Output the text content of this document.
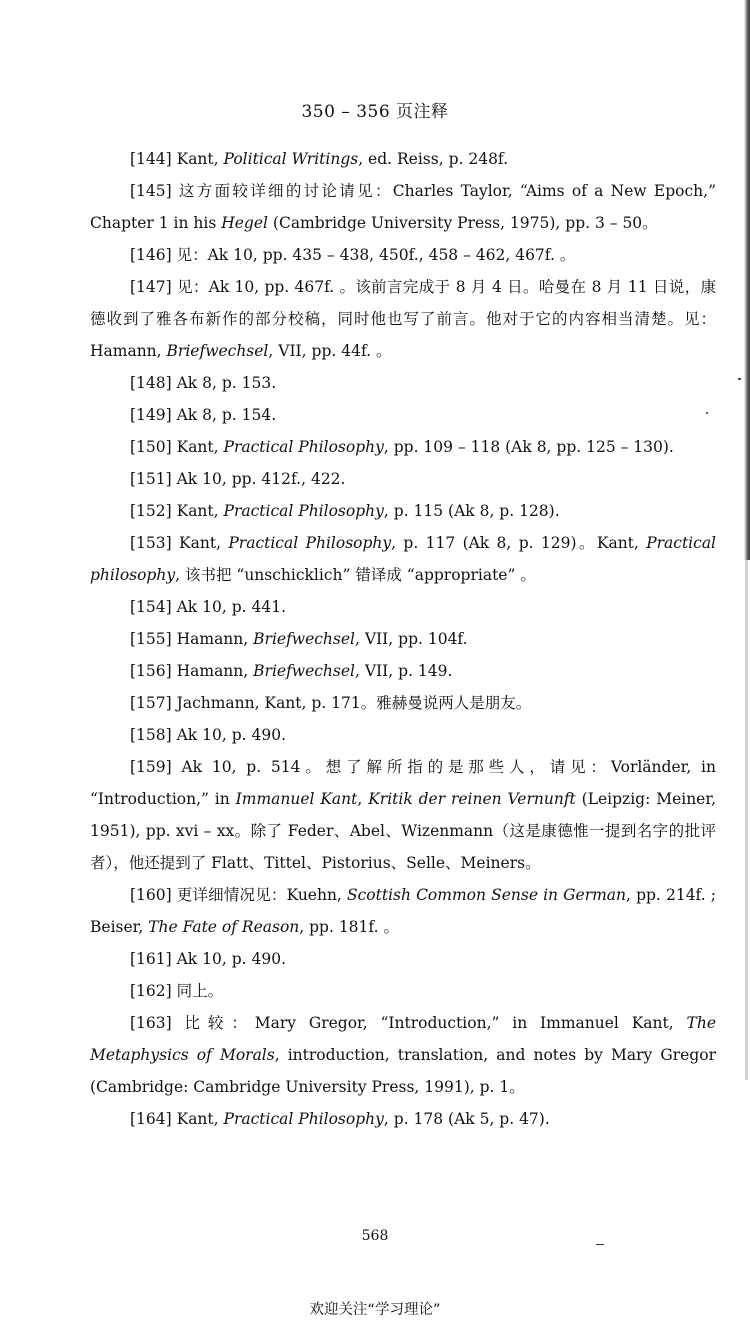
350 – 356 页注释

[144] Kant, Political Writings, ed. Reiss, p. 248f.

[145] 这方面较详细的讨论请见：Charles Taylor, “Aims of a New Epoch,” Chapter 1 in his Hegel (Cambridge University Press, 1975), pp. 3 – 50。

[146] 见：Ak 10, pp. 435 – 438, 450f., 458 – 462, 467f. 。

[147] 见：Ak 10, pp. 467f. 。该前言完成于 8 月 4 日。哈曼在 8 月 11 日说，康德收到了雅各布新作的部分校稿，同时他也写了前言。他对于它的内容相当清楚。见：Hamann, Briefwechsel, VII, pp. 44f. 。

[148] Ak 8, p. 153.

[149] Ak 8, p. 154.

[150] Kant, Practical Philosophy, pp. 109 – 118 (Ak 8, pp. 125 – 130).

[151] Ak 10, pp. 412f., 422.

[152] Kant, Practical Philosophy, p. 115 (Ak 8, p. 128).

[153] Kant, Practical Philosophy, p. 117 (Ak 8, p. 129)。Kant, Practical philosophy, 该书把 “unschicklich” 错译成 “appropriate” 。

[154] Ak 10, p. 441.

[155] Hamann, Briefwechsel, VII, pp. 104f.

[156] Hamann, Briefwechsel, VII, p. 149.

[157] Jachmann, Kant, p. 171。雅赫曼说两人是朋友。

[158] Ak 10, p. 490.

[159] Ak 10, p. 514。想了解所指的是那些人，请见：Vorländer, in “Introduction,” in Immanuel Kant, Kritik der reinen Vernunft (Leipzig: Meiner, 1951), pp. xvi – xx。除了 Feder、Abel、Wizenmann（这是康德惟一提到名字的批评者），他还提到了 Flatt、Tittel、Pistorius、Selle、Meiners。

[160] 更详细情况见：Kuehn, Scottish Common Sense in German, pp. 214f. ; Beiser, The Fate of Reason, pp. 181f. 。

[161] Ak 10, p. 490.

[162] 同上。

[163] 比较：Mary Gregor, “Introduction,” in Immanuel Kant, The Metaphysics of Morals, introduction, translation, and notes by Mary Gregor (Cambridge: Cambridge University Press, 1991), p. 1。

[164] Kant, Practical Philosophy, p. 178 (Ak 5, p. 47).

568
欢迎关注“学习理论”
